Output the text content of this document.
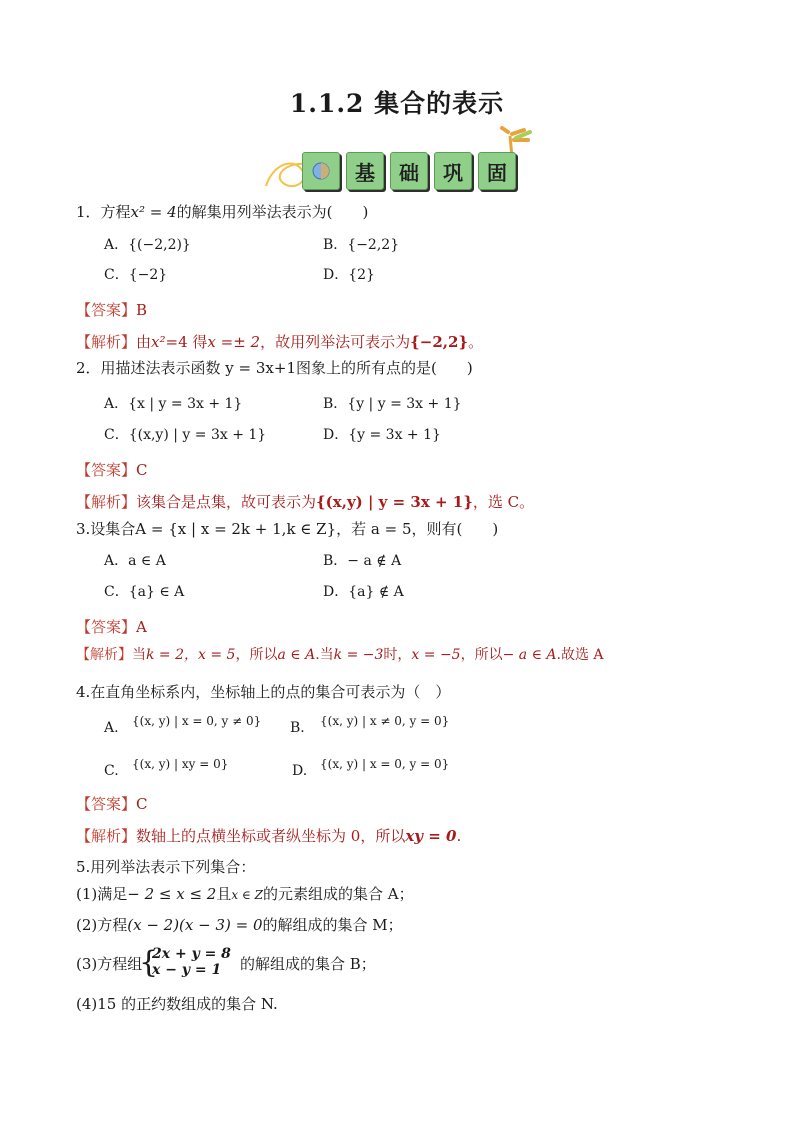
1.1.2 集合的表示
基	础	巩	固
1．方程x² = 4的解集用列举法表示为(　　)
A．{(−2,2)}	B．{−2,2}
C．{−2}	D．{2}
【答案】B
【解析】由x²=4 得x =± 2，故用列举法可表示为{−2,2}。
2．用描述法表示函数 y = 3x+1图象上的所有点的是(　　)
A．{x | y = 3x + 1}	B．{y | y = 3x + 1}
C．{(x,y) | y = 3x + 1}	D．{y = 3x + 1}
【答案】C
【解析】该集合是点集，故可表示为{(x,y) | y = 3x + 1}，选 C。
3.设集合A = {x | x = 2k + 1,k ∈ Z}，若 a = 5，则有(　　)
A．a ∈ A	B．− a ∉ A
C．{a} ∈ A	D．{a} ∉ A
【答案】A
【解析】当k = 2，x = 5，所以a ∈ A.当k = −3时，x = −5，所以− a ∈ A.故选 A
4.在直角坐标系内，坐标轴上的点的集合可表示为（　）
A. {(x, y) | x = 0, y ≠ 0} B. {(x, y) | x ≠ 0, y = 0}
C. {(x, y) | xy = 0}	D. {(x, y) | x = 0, y = 0}
【答案】C
【解析】数轴上的点横坐标或者纵坐标为 0，所以xy = 0.
5.用列举法表示下列集合：
(1)满足− 2 ≤ x ≤ 2且x ∈ Z的元素组成的集合 A；
(2)方程(x − 2)(x − 3) = 0的解组成的集合 M；
(3)方程组
{
2x + y = 8
x − y = 1 的解组成的集合 B；
(4)15 的正约数组成的集合 N.
